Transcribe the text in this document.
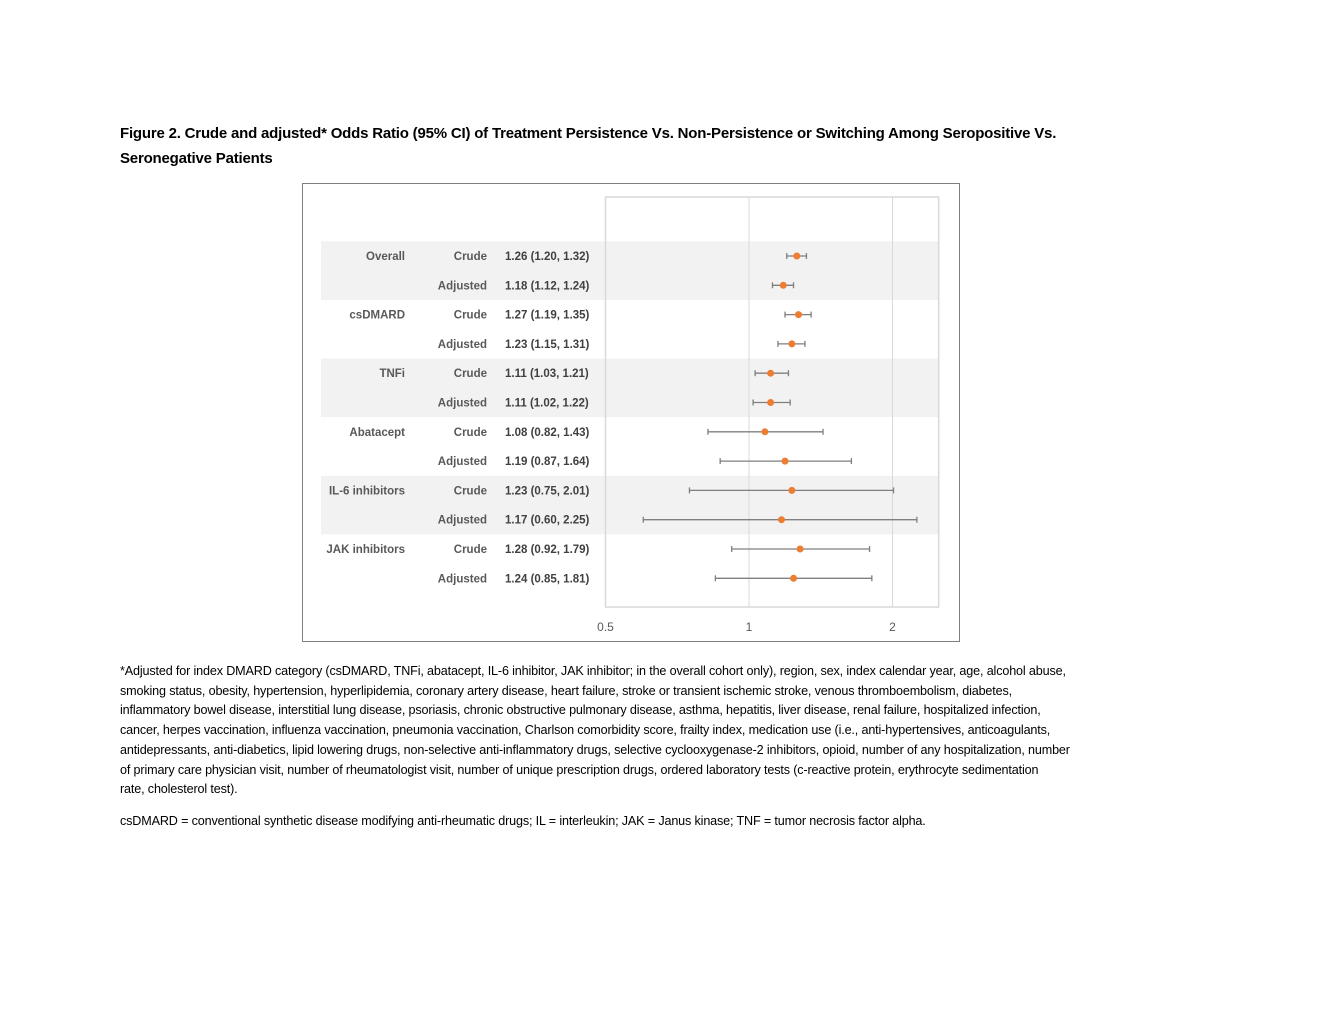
Figure 2. Crude and adjusted* Odds Ratio (95% CI) of Treatment Persistence Vs. Non-Persistence or Switching Among Seropositive Vs.
Seronegative Patients
0.5	1	2
Overall	Crude 1.26 (1.20, 1.32)
Adjusted 1.18 (1.12, 1.24)
csDMARD	Crude 1.27 (1.19, 1.35)
Adjusted 1.23 (1.15, 1.31)
TNFi	Crude 1.11 (1.03, 1.21)
Adjusted 1.11 (1.02, 1.22)
Abatacept	Crude 1.08 (0.82, 1.43)
Adjusted 1.19 (0.87, 1.64)
IL-6 inhibitors	Crude 1.23 (0.75, 2.01)
Adjusted 1.17 (0.60, 2.25)
JAK inhibitors	Crude 1.28 (0.92, 1.79)
Adjusted 1.24 (0.85, 1.81)
*Adjusted for index DMARD category (csDMARD, TNFi, abatacept, IL-6 inhibitor, JAK inhibitor; in the overall cohort only), region, sex, index calendar year, age, alcohol abuse,
smoking status, obesity, hypertension, hyperlipidemia, coronary artery disease, heart failure, stroke or transient ischemic stroke, venous thromboembolism, diabetes,
inflammatory bowel disease, interstitial lung disease, psoriasis, chronic obstructive pulmonary disease, asthma, hepatitis, liver disease, renal failure, hospitalized infection,
cancer, herpes vaccination, influenza vaccination, pneumonia vaccination, Charlson comorbidity score, frailty index, medication use (i.e., anti-hypertensives, anticoagulants,
antidepressants, anti-diabetics, lipid lowering drugs, non-selective anti-inflammatory drugs, selective cyclooxygenase-2 inhibitors, opioid, number of any hospitalization, number
of primary care physician visit, number of rheumatologist visit, number of unique prescription drugs, ordered laboratory tests (c-reactive protein, erythrocyte sedimentation
rate, cholesterol test).
csDMARD = conventional synthetic disease modifying anti-rheumatic drugs; IL = interleukin; JAK = Janus kinase; TNF = tumor necrosis factor alpha.
